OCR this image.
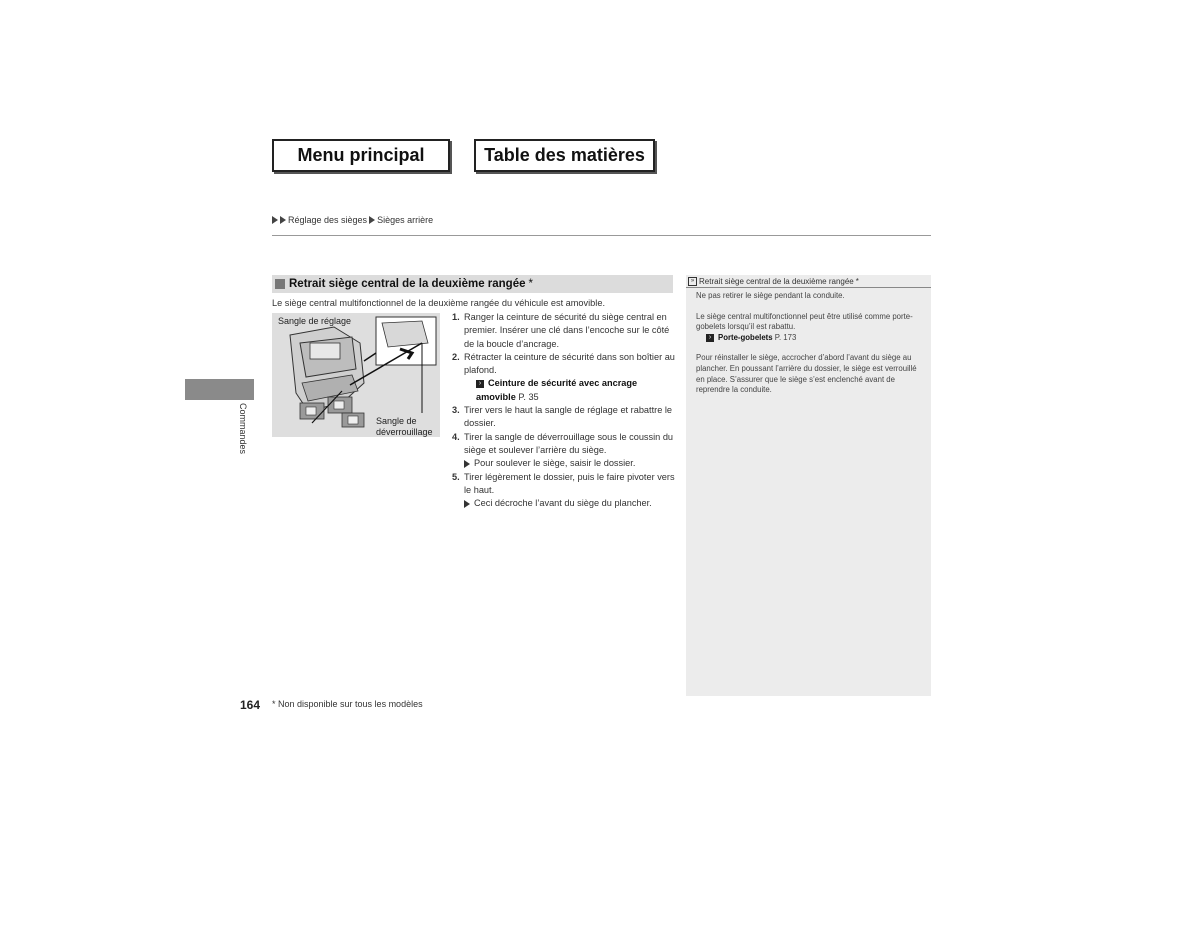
Menu principal	Table des matières
Réglage des sièges Sièges arrière
Commandes
Retrait siège central de la deuxième rangée *
Le siège central multifonctionnel de la deuxième rangée du véhicule est amovible.
Sangle de réglage
Sangle de
déverrouillage
1. Ranger la ceinture de sécurité du siège central en premier. Insérer une clé dans l’encoche sur le côté de la boucle d’ancrage.
2. Rétracter la ceinture de sécurité dans son boîtier au plafond.
› Ceinture de sécurité avec ancrage amovible P. 35
3. Tirer vers le haut la sangle de réglage et rabattre le dossier.
4. Tirer la sangle de déverrouillage sous le coussin du siège et soulever l’arrière du siège.
Pour soulever le siège, saisir le dossier.
5. Tirer légèrement le dossier, puis le faire pivoter vers le haut.
Ceci décroche l’avant du siège du plancher.
» Retrait siège central de la deuxième rangée *

Ne pas retirer le siège pendant la conduite.

Le siège central multifonctionnel peut être utilisé comme porte-gobelets lorsqu’il est rabattu.

› Porte-gobelets P. 173

Pour réinstaller le siège, accrocher d’abord l’avant du siège au plancher. En poussant l’arrière du dossier, le siège est verrouillé en place. S’assurer que le siège s’est enclenché avant de reprendre la conduite.

164 * Non disponible sur tous les modèles
